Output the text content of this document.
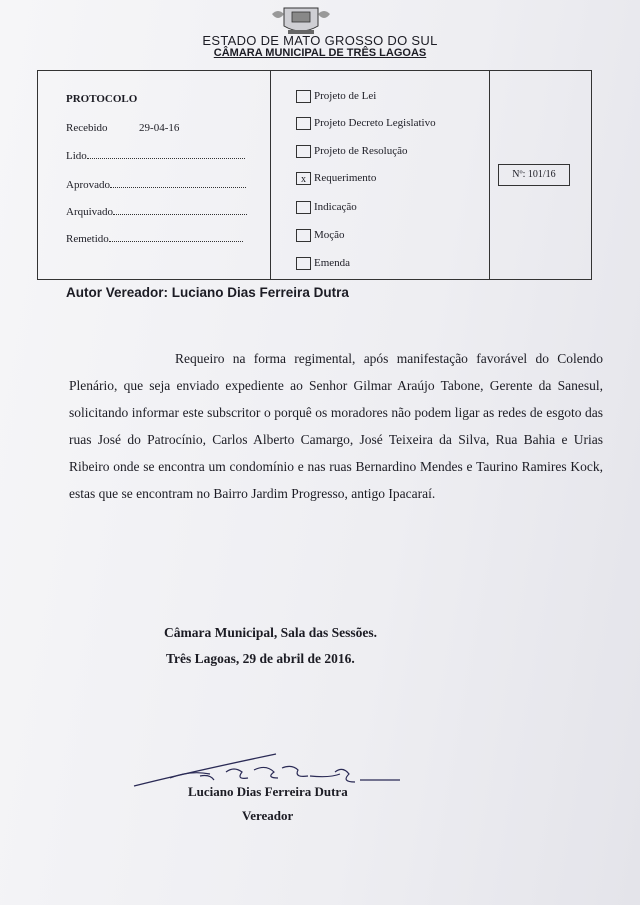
ESTADO DE MATO GROSSO DO SUL
CÂMARA MUNICIPAL DE TRÊS LAGOAS
PROTOCOLO
Recebido	29-04-16
Lido
Aprovado
Arquivado
Remetido
Projeto de Lei
Projeto Decreto Legislativo
Projeto de Resolução
x Requerimento
Indicação
Moção
Emenda
Nº: 101/16
Autor Vereador: Luciano Dias Ferreira Dutra
Requeiro na forma regimental, após manifestação favorável do Colendo Plenário, que seja enviado expediente ao Senhor Gilmar Araújo Tabone, Gerente da Sanesul, solicitando informar este subscritor o porquê os moradores não podem ligar as redes de esgoto das ruas José do Patrocínio, Carlos Alberto Camargo, José Teixeira da Silva, Rua Bahia e Urias Ribeiro onde se encontra um condomínio e nas ruas Bernardino Mendes e Taurino Ramires Kock, estas que se encontram no Bairro Jardim Progresso, antigo Ipacaraí.
Câmara Municipal, Sala das Sessões.
Três Lagoas, 29 de abril de 2016.
Luciano Dias Ferreira Dutra
Vereador
